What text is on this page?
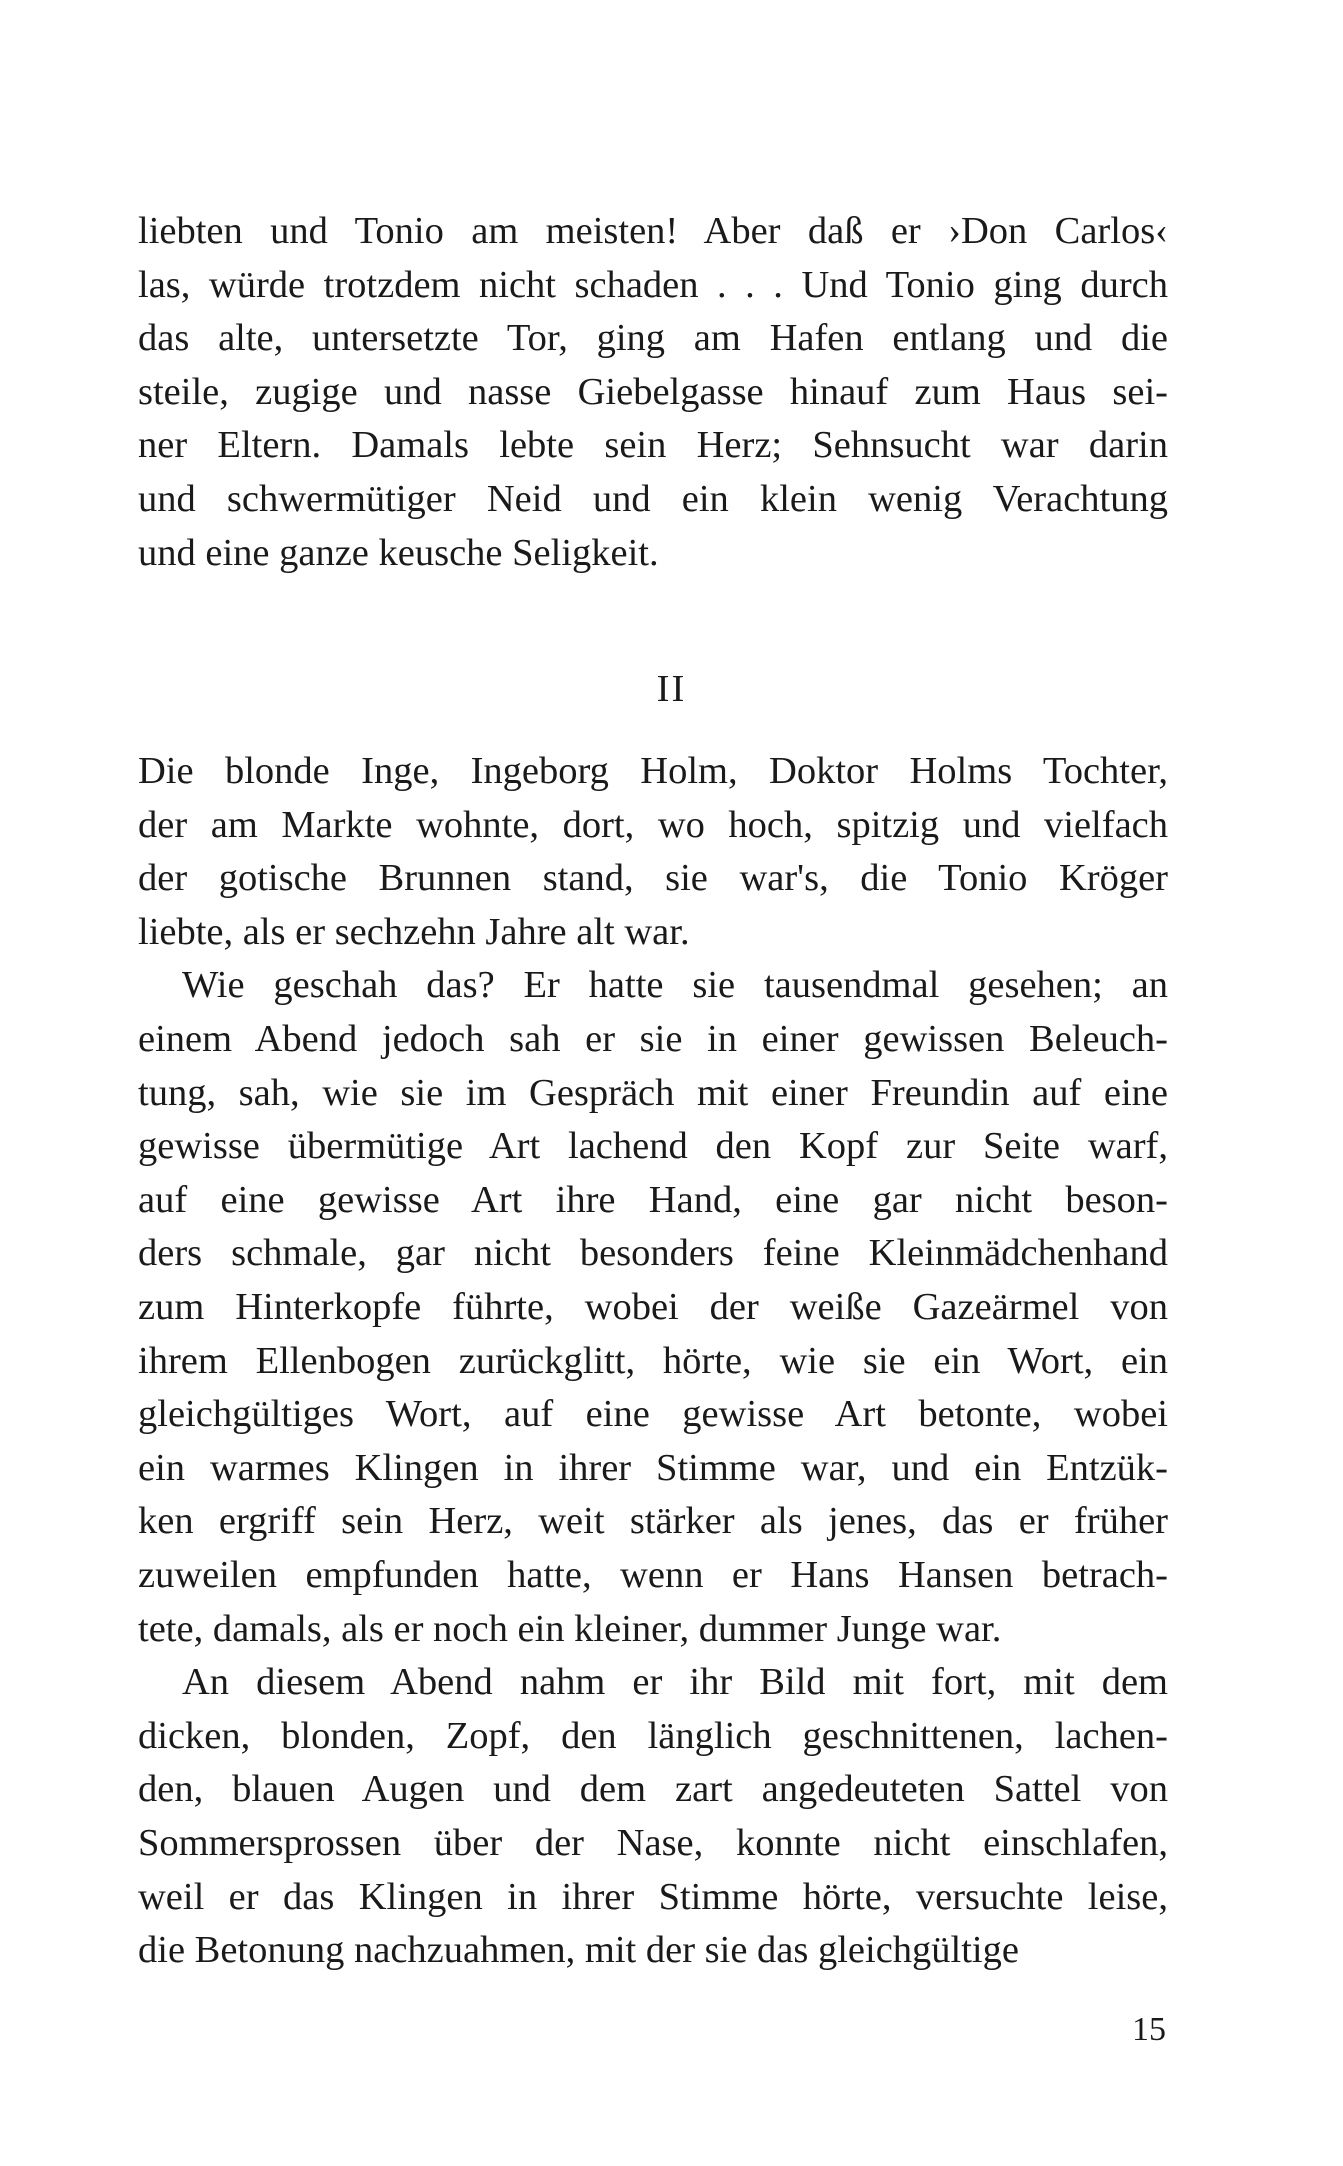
liebten und Tonio am meisten! Aber daß er ›Don Carlos‹
las, würde trotzdem nicht schaden . . . Und Tonio ging durch
das alte, untersetzte Tor, ging am Hafen entlang und die
steile, zugige und nasse Giebelgasse hinauf zum Haus sei-
ner Eltern. Damals lebte sein Herz; Sehnsucht war darin
und schwermütiger Neid und ein klein wenig Verachtung
und eine ganze keusche Seligkeit.
II
Die blonde Inge, Ingeborg Holm, Doktor Holms Tochter,
der am Markte wohnte, dort, wo hoch, spitzig und vielfach
der gotische Brunnen stand, sie war's, die Tonio Kröger
liebte, als er sechzehn Jahre alt war.
Wie geschah das? Er hatte sie tausendmal gesehen; an
einem Abend jedoch sah er sie in einer gewissen Beleuch-
tung, sah, wie sie im Gespräch mit einer Freundin auf eine
gewisse übermütige Art lachend den Kopf zur Seite warf,
auf eine gewisse Art ihre Hand, eine gar nicht beson-
ders schmale, gar nicht besonders feine Kleinmädchenhand
zum Hinterkopfe führte, wobei der weiße Gazeärmel von
ihrem Ellenbogen zurückglitt, hörte, wie sie ein Wort, ein
gleichgültiges Wort, auf eine gewisse Art betonte, wobei
ein warmes Klingen in ihrer Stimme war, und ein Entzük-
ken ergriff sein Herz, weit stärker als jenes, das er früher
zuweilen empfunden hatte, wenn er Hans Hansen betrach-
tete, damals, als er noch ein kleiner, dummer Junge war.
An diesem Abend nahm er ihr Bild mit fort, mit dem
dicken, blonden, Zopf, den länglich geschnittenen, lachen-
den, blauen Augen und dem zart angedeuteten Sattel von
Sommersprossen über der Nase, konnte nicht einschlafen,
weil er das Klingen in ihrer Stimme hörte, versuchte leise,
die Betonung nachzuahmen, mit der sie das gleichgültige
15
